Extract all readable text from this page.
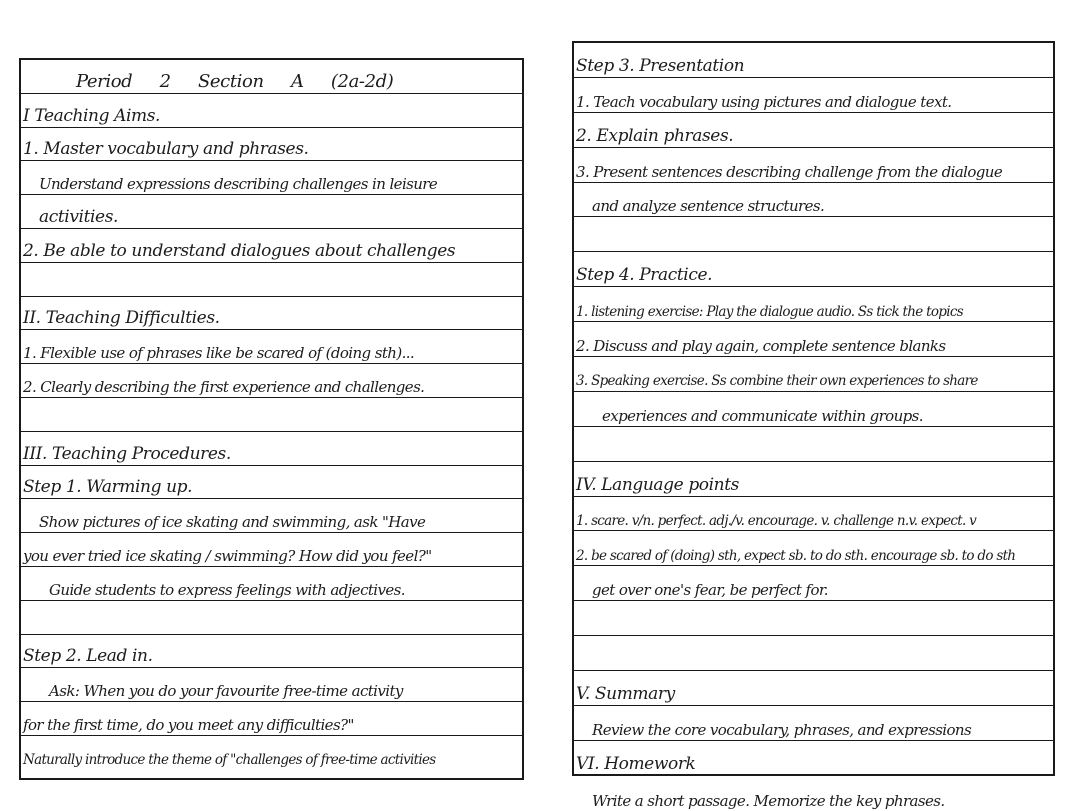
Period 2 Section A (2a-2d)
I Teaching Aims.
1. Master vocabulary and phrases.
Understand expressions describing challenges in leisure
activities.
2. Be able to understand dialogues about challenges
II. Teaching Difficulties.
1. Flexible use of phrases like be scared of (doing sth)...
2. Clearly describing the first experience and challenges.
III. Teaching Procedures.
Step 1. Warming up.
Show pictures of ice skating and swimming, ask "Have
you ever tried ice skating / swimming? How did you feel?"
Guide students to express feelings with adjectives.
Step 2. Lead in.
Ask: When you do your favourite free-time activity
for the first time, do you meet any difficulties?"
Naturally introduce the theme of "challenges of free-time activities
Step 3. Presentation
1. Teach vocabulary using pictures and dialogue text.
2. Explain phrases.
3. Present sentences describing challenge from the dialogue
and analyze sentence structures.
Step 4. Practice.
1. listening exercise: Play the dialogue audio. Ss tick the topics
2. Discuss and play again, complete sentence blanks
3. Speaking exercise. Ss combine their own experiences to share
experiences and communicate within groups.
IV. Language points
1. scare. v/n. perfect. adj./v. encourage. v. challenge n.v. expect. v
2. be scared of (doing) sth, expect sb. to do sth. encourage sb. to do sth
get over one's fear, be perfect for.
V. Summary
Review the core vocabulary, phrases, and expressions
VI. Homework
Write a short passage. Memorize the key phrases.
